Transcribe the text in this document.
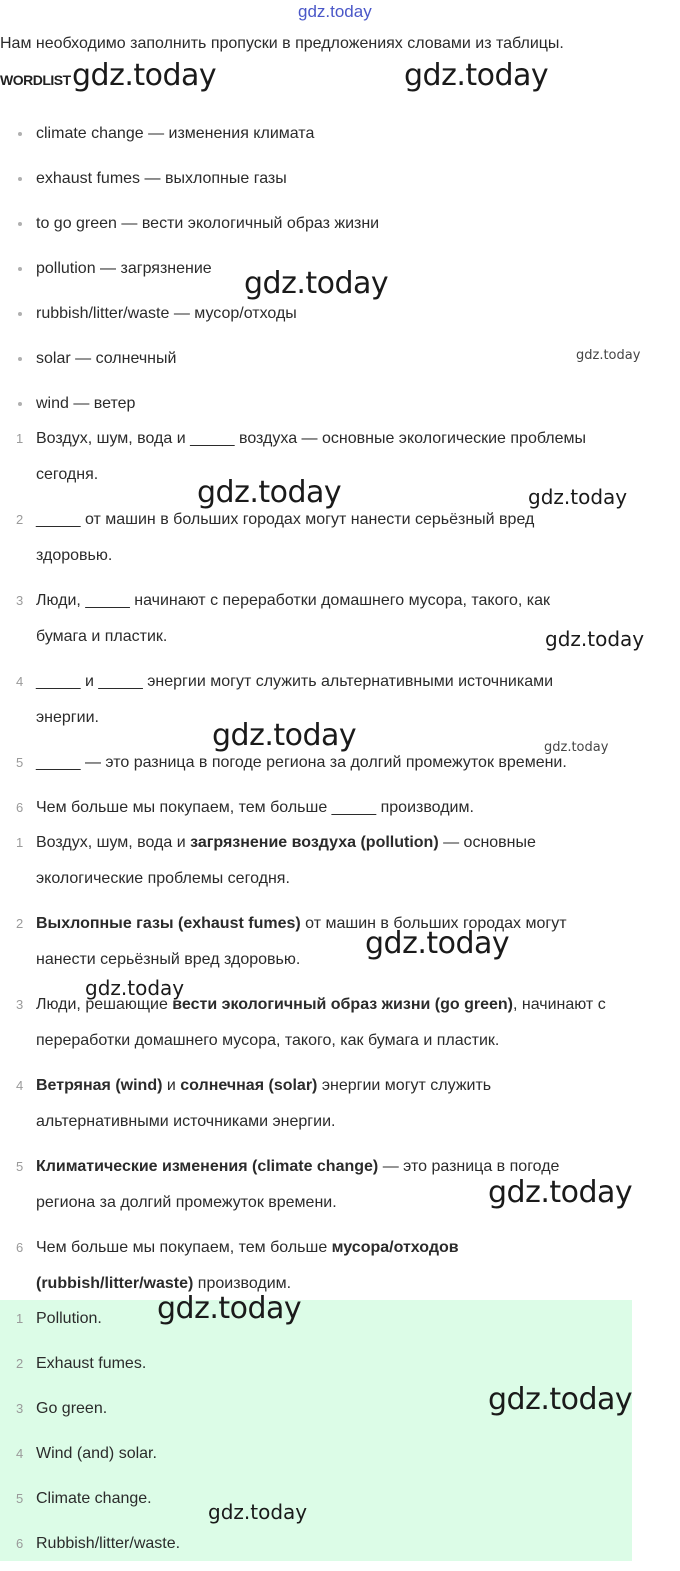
gdz.today
Нам необходимо заполнить пропуски в предложениях словами из таблицы.
WORDLIST
climate change — изменения климата
exhaust fumes — выхлопные газы
to go green — вести экологичный образ жизни
pollution — загрязнение
rubbish/litter/waste — мусор/отходы
solar — солнечный
wind — ветер
1 Воздух, шум, вода и _____ воздуха — основные экологические проблемы
сегодня.
2 _____ от машин в больших городах могут нанести серьёзный вред
здоровью.
3 Люди, _____ начинают с переработки домашнего мусора, такого, как
бумага и пластик.
4 _____ и _____ энергии могут служить альтернативными источниками
энергии.
5 _____ — это разница в погоде региона за долгий промежуток времени.
6 Чем больше мы покупаем, тем больше _____ производим.
1 Воздух, шум, вода и загрязнение воздуха (pollution) — основные
экологические проблемы сегодня.
2 Выхлопные газы (exhaust fumes) от машин в больших городах могут
нанести серьёзный вред здоровью.
3 Люди, решающие вести экологичный образ жизни (go green), начинают с
переработки домашнего мусора, такого, как бумага и пластик.
4 Ветряная (wind) и солнечная (solar) энергии могут служить
альтернативными источниками энергии.
5 Климатические изменения (climate change) — это разница в погоде
региона за долгий промежуток времени.
6 Чем больше мы покупаем, тем больше мусора/отходов
(rubbish/litter/waste) производим.
1 Pollution.
2 Exhaust fumes.
3 Go green.
4 Wind (and) solar.
5 Climate change.
6 Rubbish/litter/waste.
gdz.today	gdz.today
gdz.today
gdz.today
gdz.today	gdz.today
gdz.today
gdz.today	gdz.today
gdz.today
gdz.today
gdz.today
gdz.today
gdz.today
gdz.today
